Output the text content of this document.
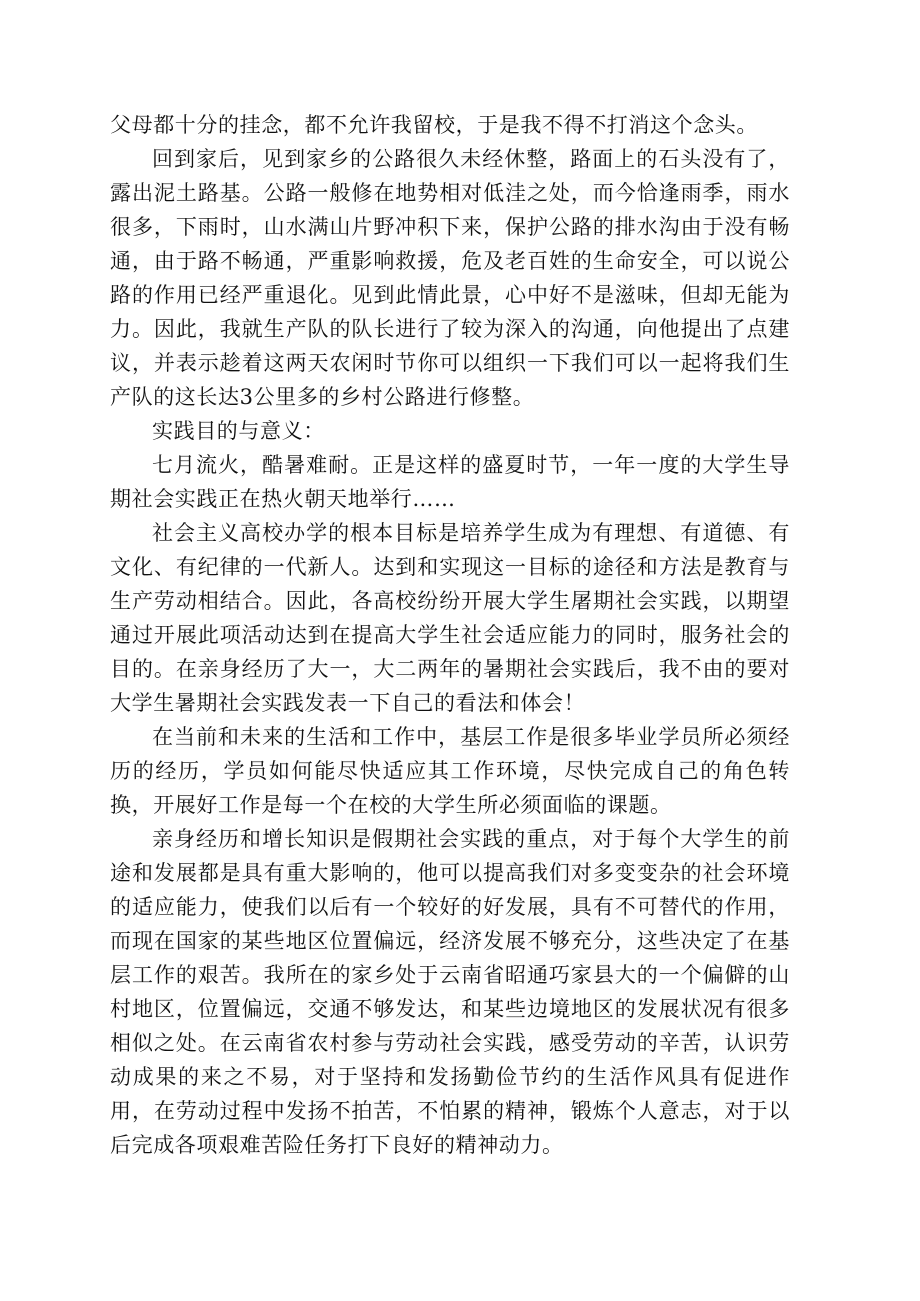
父母都十分的挂念，都不允许我留校，于是我不得不打消这个念头。

回到家后，见到家乡的公路很久未经休整，路面上的石头没有了，露出泥土路基。公路一般修在地势相对低洼之处，而今恰逢雨季，雨水很多，下雨时，山水满山片野冲积下来，保护公路的排水沟由于没有畅通，由于路不畅通，严重影响救援，危及老百姓的生命安全，可以说公路的作用已经严重退化。见到此情此景，心中好不是滋味，但却无能为力。因此，我就生产队的队长进行了较为深入的沟通，向他提出了点建议，并表示趁着这两天农闲时节你可以组织一下我们可以一起将我们生产队的这长达3公里多的乡村公路进行修整。

实践目的与意义：

七月流火，酷暑难耐。正是这样的盛夏时节，一年一度的大学生导期社会实践正在热火朝天地举行……

社会主义高校办学的根本目标是培养学生成为有理想、有道德、有文化、有纪律的一代新人。达到和实现这一目标的途径和方法是教育与生产劳动相结合。因此，各高校纷纷开展大学生屠期社会实践，以期望通过开展此项活动达到在提高大学生社会适应能力的同时，服务社会的目的。在亲身经历了大一，大二两年的暑期社会实践后，我不由的要对大学生暑期社会实践发表一下自己的看法和体会！

在当前和未来的生活和工作中，基层工作是很多毕业学员所必须经历的经历，学员如何能尽快适应其工作环境，尽快完成自己的角色转换，开展好工作是每一个在校的大学生所必须面临的课题。

亲身经历和增长知识是假期社会实践的重点，对于每个大学生的前途和发展都是具有重大影响的，他可以提高我们对多变变杂的社会环境的适应能力，使我们以后有一个较好的好发展，具有不可替代的作用，而现在国家的某些地区位置偏远，经济发展不够充分，这些决定了在基层工作的艰苦。我所在的家乡处于云南省昭通巧家县大的一个偏僻的山村地区，位置偏远，交通不够发达，和某些边境地区的发展状况有很多相似之处。在云南省农村参与劳动社会实践，感受劳动的辛苦，认识劳动成果的来之不易，对于坚持和发扬勤俭节约的生活作风具有促进作用，在劳动过程中发扬不拍苦，不怕累的精神，锻炼个人意志，对于以后完成各项艰难苦险任务打下良好的精神动力。
